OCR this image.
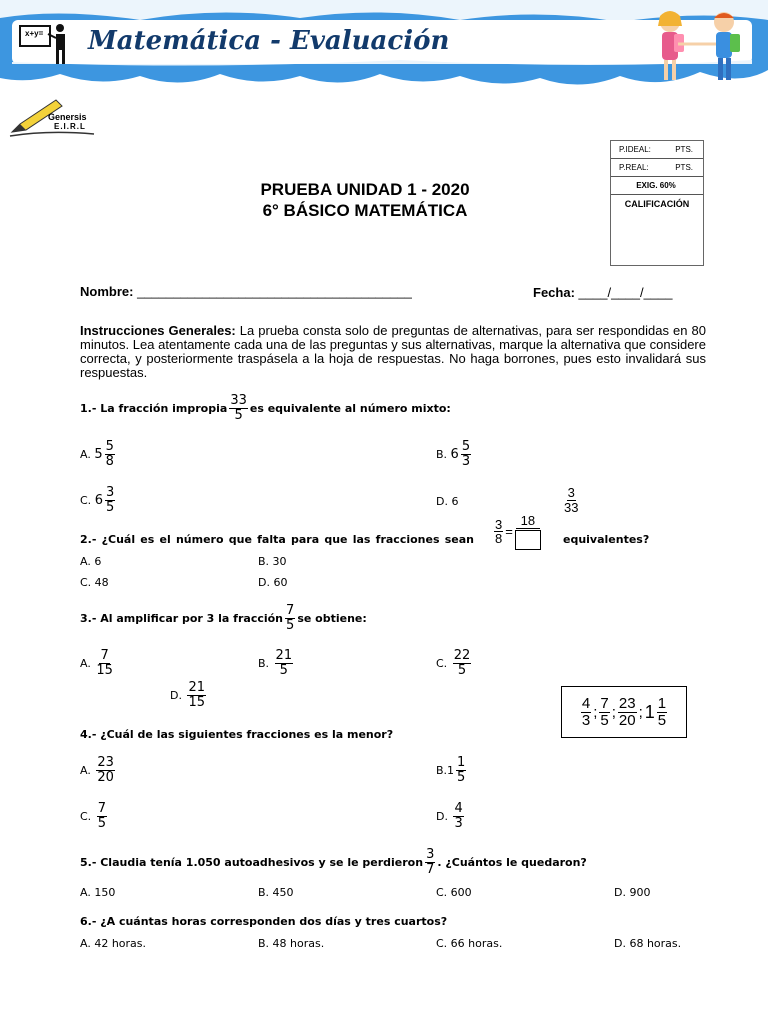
x+y= Matemática - Evaluación
Genersis
E.I.R.L
P.IDEAL:	PTS.
P.REAL:	PTS.
EXIG. 60%
CALIFICACIÓN
PRUEBA UNIDAD 1 - 2020
6° BÁSICO MATEMÁTICA
Nombre: ______________________________________	Fecha: ____/____/____
Instrucciones Generales: La prueba consta solo de preguntas de alternativas, para ser respondidas en 80 minutos. Lea atentamente cada una de las preguntas y sus alternativas, marque la alternativa que considere correcta, y posteriormente traspásela a la hoja de respuestas. No haga borrones, pues esto invalidará sus respuestas.
1.- La fracción impropia $\frac{33}{5}$ es equivalente al número mixto:
A.
$5 \frac{5}{8}$	B.
$6 \frac{5}{3}$
C.
$6 \frac{3}{5}$	D. 6	$\frac{3}{33}$
2.- ¿Cuál es el número que falta para que las fracciones sean $\frac{3}{8}$ =
18
equivalentes?
A. 6	B. 30
C. 48	D. 60
3.- Al amplificar por 3 la fracción $\frac{7}{5}$ se obtiene:
A.
$\frac{7}{15}$	B.
$\frac{21}{5}$	C.
$\frac{22}{5}$
D.
$\frac{21}{15}$
$\frac{4}{3}$ ; $\frac{7}{5}$ ; $\frac{23}{20}$ ; $1 \frac{1}{5}$
4.- ¿Cuál de las siguientes fracciones es la menor?
A.
$\frac{23}{20}$	$B.1 \frac{1}{5}$
C.
$\frac{7}{5}$	D.
$\frac{4}{3}$
5.- Claudia tenía 1.050 autoadhesivos y se le perdieron $\frac{3}{7}$ . ¿Cuántos le quedaron?
A. 150	B. 450	C. 600	D. 900
6.- ¿A cuántas horas corresponden dos días y tres cuartos?
A. 42 horas.	B. 48 horas.	C. 66 horas.	D. 68 horas.
